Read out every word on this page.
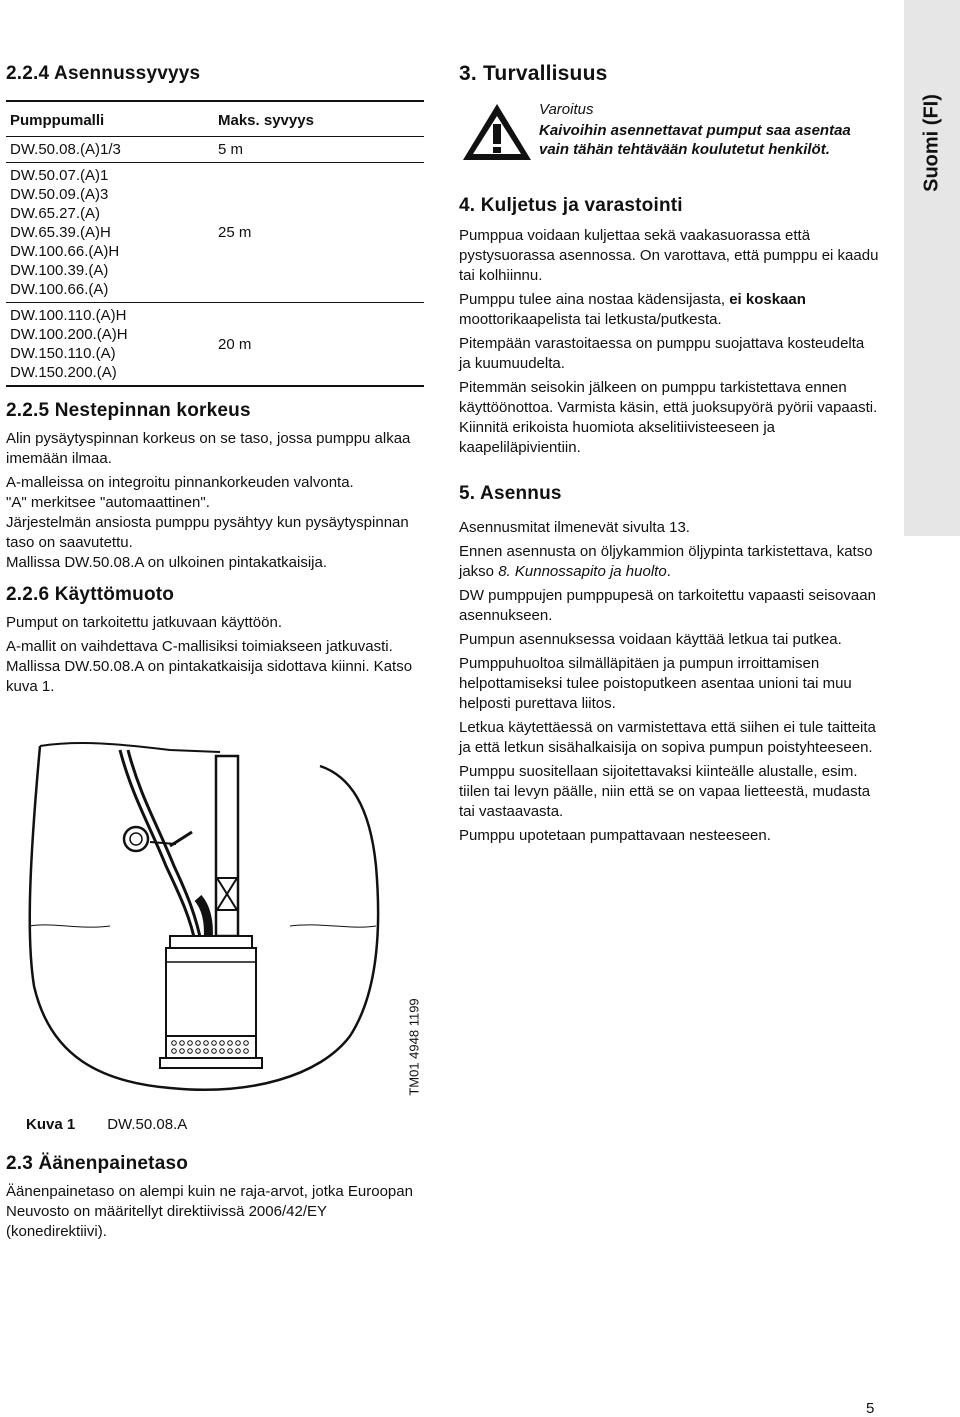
2.2.4 Asennussyvyys
Pumppumalli	Maks. syvyys
DW.50.08.(A)1/3	5 m
DW.50.07.(A)1
DW.50.09.(A)3
DW.65.27.(A)
DW.65.39.(A)H
DW.100.66.(A)H
DW.100.39.(A)
DW.100.66.(A)
25 m
DW.100.110.(A)H
DW.100.200.(A)H
DW.150.110.(A)
DW.150.200.(A)
20 m
2.2.5 Nestepinnan korkeus

Alin pysäytyspinnan korkeus on se taso, jossa pumppu alkaa imemään ilmaa.

A-malleissa on integroitu pinnankorkeuden valvonta.

"A" merkitsee "automaattinen".

Järjestelmän ansiosta pumppu pysähtyy kun pysäytyspinnan taso on saavutettu.

Mallissa DW.50.08.A on ulkoinen pintakatkaisija.

2.2.6 Käyttömuoto

Pumput on tarkoitettu jatkuvaan käyttöön.

A-mallit on vaihdettava C-mallisiksi toimiakseen jatkuvasti.

Mallissa DW.50.08.A on pintakatkaisija sidottava kiinni. Katso kuva 1.

TM01 4948 1199
Kuva 1 DW.50.08.A
2.3 Äänenpainetaso

Äänenpainetaso on alempi kuin ne raja-arvot, jotka Euroopan Neuvosto on määritellyt direktiivissä 2006/42/EY (konedirektiivi).

3. Turvallisuus
Varoitus
Kaivoihin asennettavat pumput saa asentaa vain tähän tehtävään koulutetut henkilöt.
4. Kuljetus ja varastointi

Pumppua voidaan kuljettaa sekä vaakasuorassa että pystysuorassa asennossa. On varottava, että pumppu ei kaadu tai kolhiinnu.

Pumppu tulee aina nostaa kädensijasta, ei koskaan moottorikaapelista tai letkusta/putkesta.

Pitempään varastoitaessa on pumppu suojattava kosteudelta ja kuumuudelta.

Pitemmän seisokin jälkeen on pumppu tarkistettava ennen käyttöönottoa. Varmista käsin, että juoksupyörä pyörii vapaasti. Kiinnitä erikoista huomiota akselitiivisteeseen ja kaapeliläpivientiin.

5. Asennus

Asennusmitat ilmenevät sivulta 13.

Ennen asennusta on öljykammion öljypinta tarkistettava, katso jakso 8. Kunnossapito ja huolto.

DW pumppujen pumppupesä on tarkoitettu vapaasti seisovaan asennukseen.

Pumpun asennuksessa voidaan käyttää letkua tai putkea.

Pumppuhuoltoa silmälläpitäen ja pumpun irroittamisen helpottamiseksi tulee poistoputkeen asentaa unioni tai muu helposti purettava liitos.

Letkua käytettäessä on varmistettava että siihen ei tule taitteita ja että letkun sisähalkaisija on sopiva pumpun poistyhteeseen.

Pumppu suositellaan sijoitettavaksi kiinteälle alustalle, esim. tiilen tai levyn päälle, niin että se on vapaa lietteestä, mudasta tai vastaavasta.

Pumppu upotetaan pumpattavaan nesteeseen.

Suomi (FI)
5
